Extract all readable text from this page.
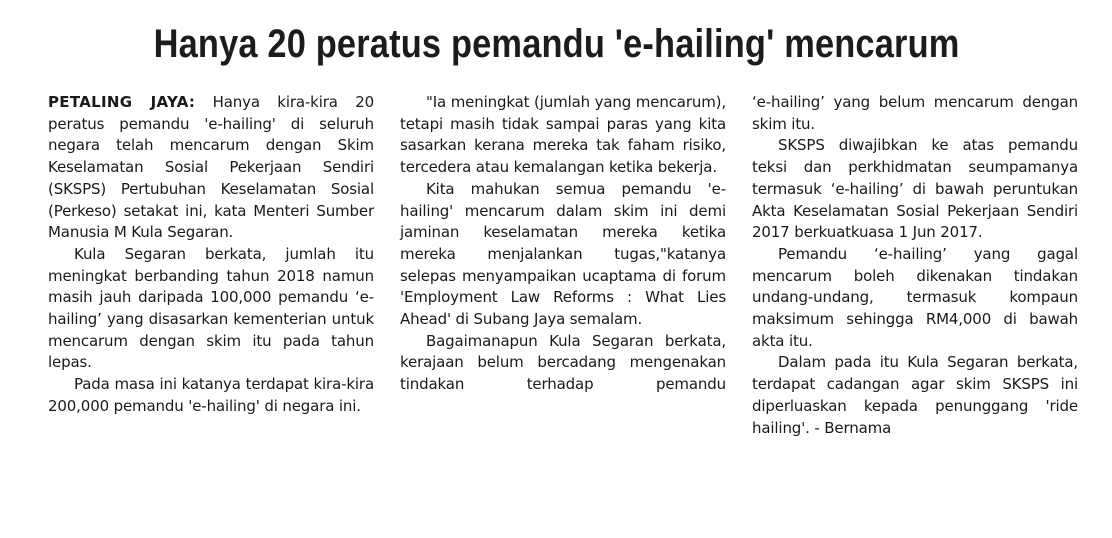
Hanya 20 peratus pemandu 'e-hailing' mencarum

PETALING JAYA: Hanya kira-kira 20 peratus pemandu 'e-hailing' di seluruh negara telah mencarum dengan Skim Keselamatan Sosial Pekerjaan Sendiri (SKSPS) Pertubuhan Keselamatan Sosial (Perkeso) setakat ini, kata Menteri Sumber Manusia M Kula Segaran.

Kula Segaran berkata, jumlah itu meningkat berbanding tahun 2018 namun masih jauh daripada 100,000 pemandu ‘e-hailing’ yang disasarkan kementerian untuk mencarum dengan skim itu pada tahun lepas.

Pada masa ini katanya terdapat kira-kira 200,000 pemandu 'e-hailing' di negara ini.

"Ia meningkat (jumlah yang mencarum), tetapi masih tidak sampai paras yang kita sasarkan kerana mereka tak faham risiko, tercedera atau kemalangan ketika bekerja.

Kita mahukan semua pemandu 'e-hailing' mencarum dalam skim ini demi jaminan keselamatan mereka ketika mereka menjalankan tugas,"katanya selepas menyampaikan ucaptama di forum 'Employment Law Reforms : What Lies Ahead' di Subang Jaya semalam.

Bagaimanapun Kula Segaran berkata, kerajaan belum bercadang mengenakan tindakan terhadap pemandu

‘e-hailing’ yang belum mencarum dengan skim itu.

SKSPS diwajibkan ke atas pemandu teksi dan perkhidmatan seumpamanya termasuk ‘e-hailing’ di bawah peruntukan Akta Keselamatan Sosial Pekerjaan Sendiri 2017 berkuatkuasa 1 Jun 2017.

Pemandu ‘e-hailing’ yang gagal mencarum boleh dikenakan tindakan undang-undang, termasuk kompaun maksimum sehingga RM4,000 di bawah akta itu.

Dalam pada itu Kula Segaran berkata, terdapat cadangan agar skim SKSPS ini diperluaskan kepada penunggang 'ride hailing'. - Bernama
